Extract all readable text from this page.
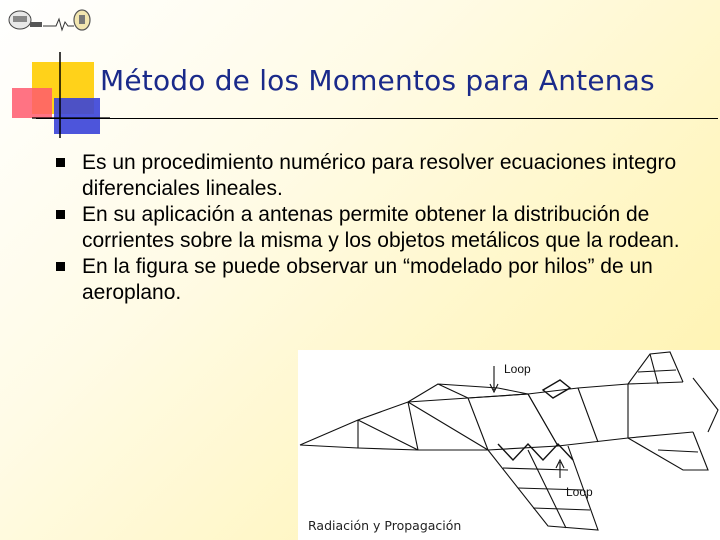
Método de los Momentos para Antenas
Es un procedimiento numérico para resolver ecuaciones integro diferenciales lineales.
En su aplicación a antenas permite obtener la distribución de corrientes sobre la misma y los objetos metálicos que la rodean.
En la figura se puede observar un “modelado por hilos” de un aeroplano.
Loop
Loop
Radiación y Propagación
